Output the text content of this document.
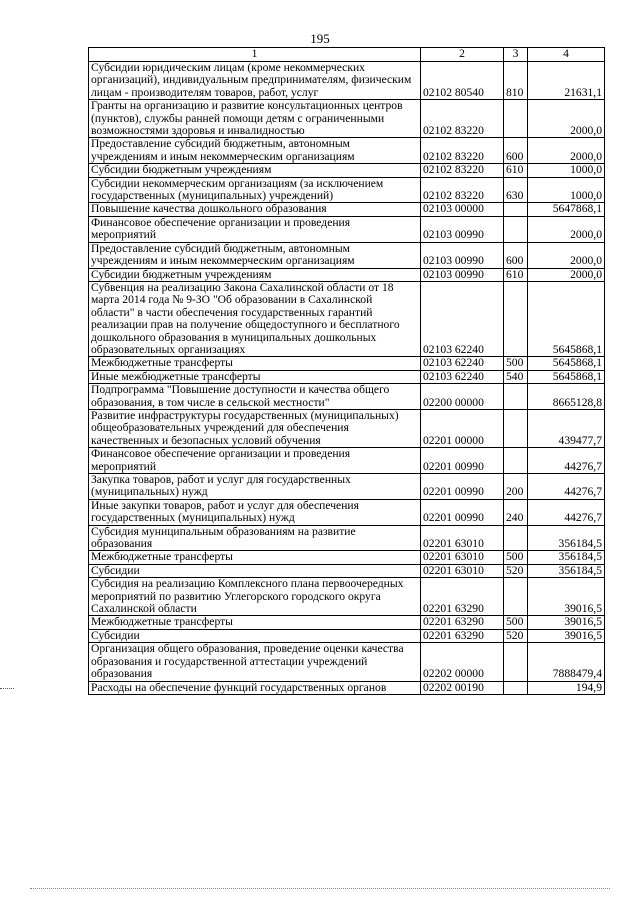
195
1	2	3	4
Субсидии юридическим лицам (кроме некоммерческих организаций), индивидуальным предпринимателям, физическим лицам - производителям товаров, работ, услуг	02102 80540	810	21631,1
Гранты на организацию и развитие консультационных центров (пунктов), службы ранней помощи детям с ограниченными возможностями здоровья и инвалидностью	02102 83220		2000,0
Предоставление субсидий бюджетным, автономным учреждениям и иным некоммерческим организациям	02102 83220	600	2000,0
Субсидии бюджетным учреждениям	02102 83220	610	1000,0
Субсидии некоммерческим организациям (за исключением государственных (муниципальных) учреждений)	02102 83220	630	1000,0
Повышение качества дошкольного образования	02103 00000		5647868,1
Финансовое обеспечение организации и проведения мероприятий	02103 00990		2000,0
Предоставление субсидий бюджетным, автономным учреждениям и иным некоммерческим организациям	02103 00990	600	2000,0
Субсидии бюджетным учреждениям	02103 00990	610	2000,0
Субвенция на реализацию Закона Сахалинской области от 18 марта 2014 года № 9-ЗО "Об образовании в Сахалинской области" в части обеспечения государственных гарантий реализации прав на получение общедоступного и бесплатного дошкольного образования в муниципальных дошкольных образовательных организациях	02103 62240		5645868,1
Межбюджетные трансферты	02103 62240	500	5645868,1
Иные межбюджетные трансферты	02103 62240	540	5645868,1
Подпрограмма "Повышение доступности и качества общего образования, в том числе в сельской местности"	02200 00000		8665128,8
Развитие инфраструктуры государственных (муниципальных) общеобразовательных учреждений для обеспечения качественных и безопасных условий обучения	02201 00000		439477,7
Финансовое обеспечение организации и проведения мероприятий	02201 00990		44276,7
Закупка товаров, работ и услуг для государственных (муниципальных) нужд	02201 00990	200	44276,7
Иные закупки товаров, работ и услуг для обеспечения государственных (муниципальных) нужд	02201 00990	240	44276,7
Субсидия муниципальным образованиям на развитие образования	02201 63010		356184,5
Межбюджетные трансферты	02201 63010	500	356184,5
Субсидии	02201 63010	520	356184,5
Субсидия на реализацию Комплексного плана первоочередных мероприятий по развитию Углегорского городского округа Сахалинской области	02201 63290		39016,5
Межбюджетные трансферты	02201 63290	500	39016,5
Субсидии	02201 63290	520	39016,5
Организация общего образования, проведение оценки качества образования и государственной аттестации учреждений образования	02202 00000		7888479,4
Расходы на обеспечение функций государственных органов	02202 00190		194,9
